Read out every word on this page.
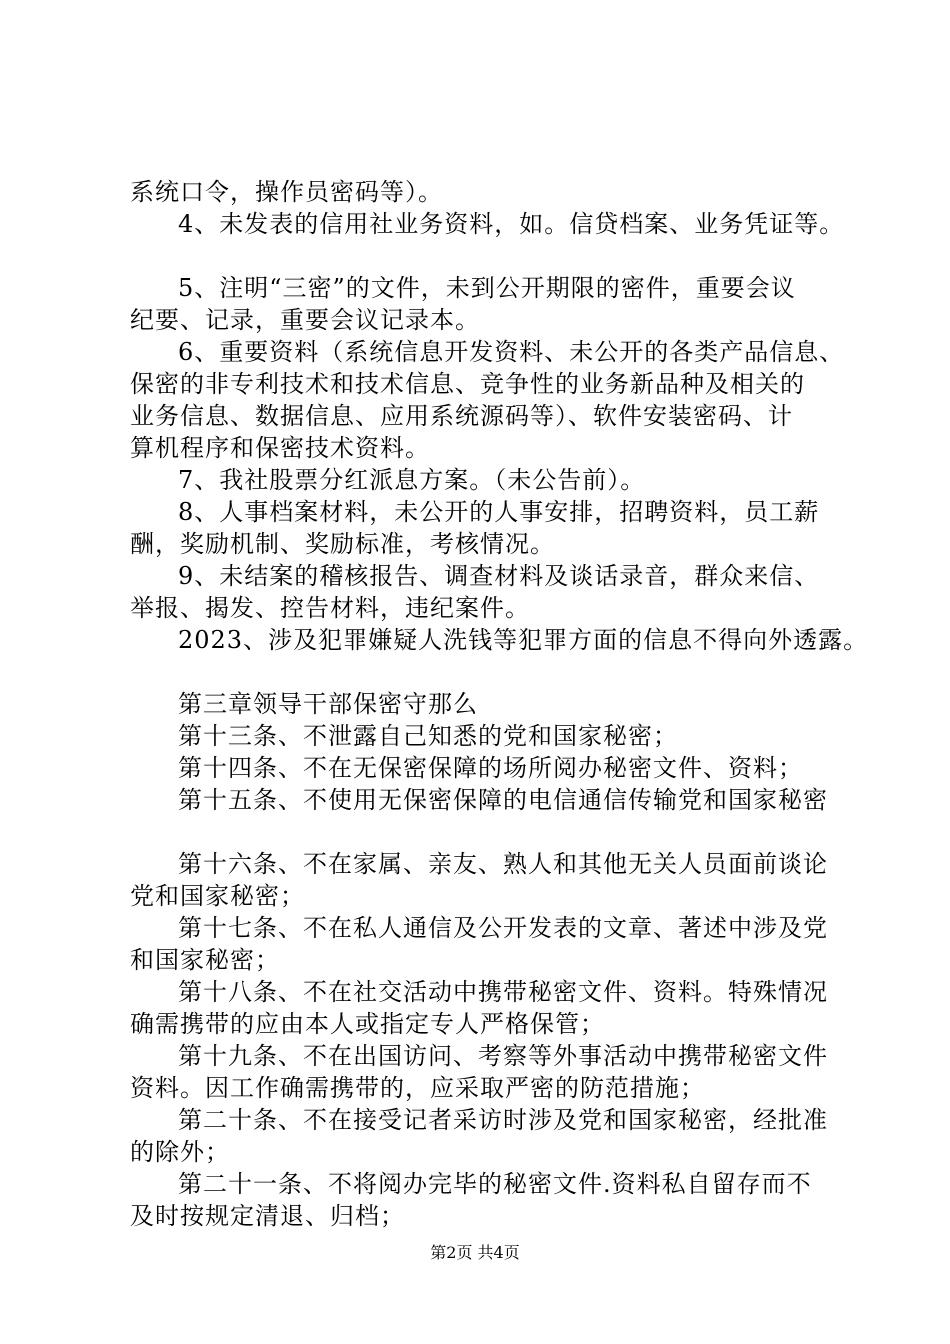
系统口令，操作员密码等）。
4、未发表的信用社业务资料，如。信贷档案、业务凭证等。
5、注明“三密”的文件，未到公开期限的密件，重要会议
纪要、记录，重要会议记录本。
6、重要资料（系统信息开发资料、未公开的各类产品信息、
保密的非专利技术和技术信息、竞争性的业务新品种及相关的
业务信息、数据信息、应用系统源码等）、软件安装密码、计
算机程序和保密技术资料。
7、我社股票分红派息方案。（未公告前）。
8、人事档案材料，未公开的人事安排，招聘资料，员工薪
酬，奖励机制、奖励标准，考核情况。
9、未结案的稽核报告、调查材料及谈话录音，群众来信、
举报、揭发、控告材料，违纪案件。
2023、涉及犯罪嫌疑人洗钱等犯罪方面的信息不得向外透露。
第三章领导干部保密守那么
第十三条、不泄露自己知悉的党和国家秘密；
第十四条、不在无保密保障的场所阅办秘密文件、资料；
第十五条、不使用无保密保障的电信通信传输党和国家秘密
第十六条、不在家属、亲友、熟人和其他无关人员面前谈论
党和国家秘密；
第十七条、不在私人通信及公开发表的文章、著述中涉及党
和国家秘密；
第十八条、不在社交活动中携带秘密文件、资料。特殊情况
确需携带的应由本人或指定专人严格保管；
第十九条、不在出国访问、考察等外事活动中携带秘密文件
资料。因工作确需携带的，应采取严密的防范措施；
第二十条、不在接受记者采访时涉及党和国家秘密，经批准
的除外；
第二十一条、不将阅办完毕的秘密文件.资料私自留存而不
及时按规定清退、归档；
第2页 共4页
